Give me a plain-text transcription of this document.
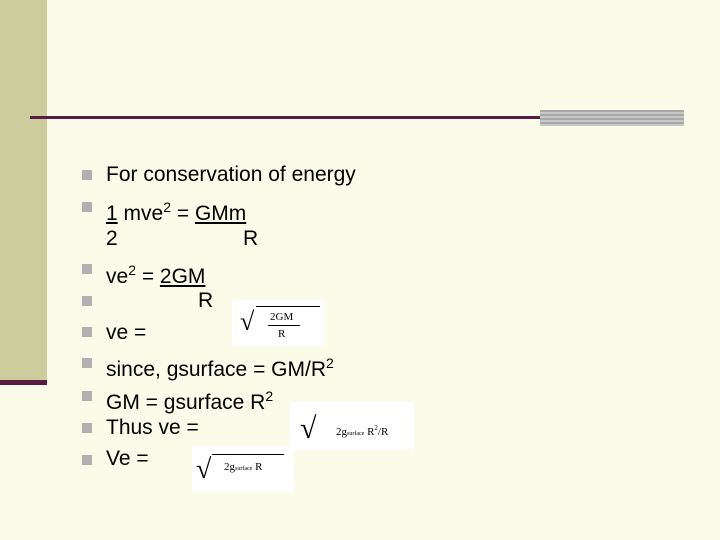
For conservation of energy
1 mve$^2$ = GMm
2	R
$ve^2 = 2GM$
R
ve =
since, gsurface = $GM/R^2$
GM = gsurface $R^2$
Thus ve =
Ve =
√ 2GM
R
√ 2gsurface $R^2/R$
√ 2gsurface R
